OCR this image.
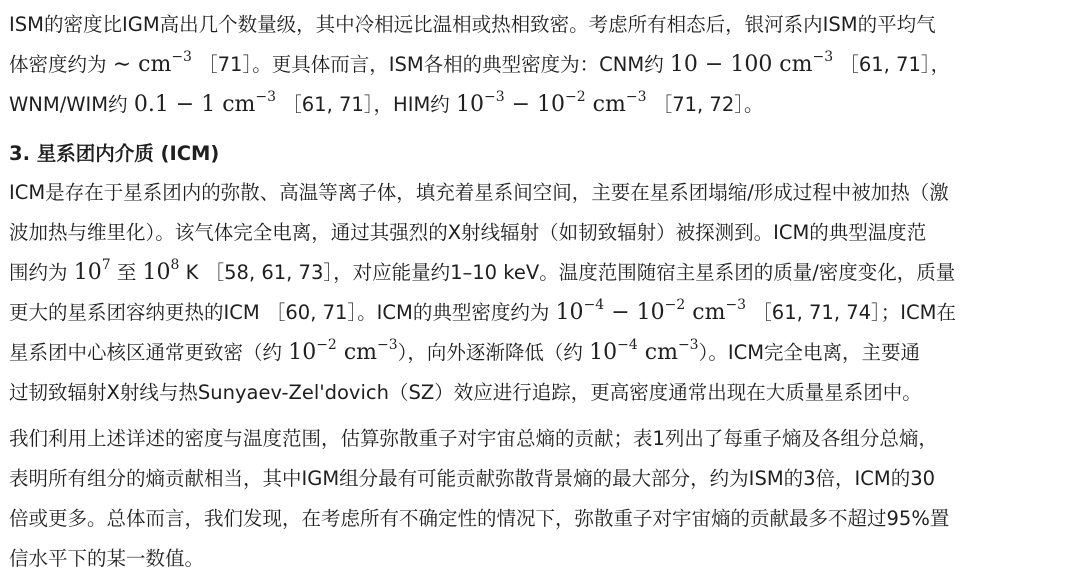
ISM的密度比IGM高出几个数量级，其中冷相远比温相或热相致密。考虑所有相态后，银河系内ISM的平均气
体密度约为 ∼ $cm^{-3}$ ［71］。更具体而言，ISM各相的典型密度为：CNM约 10 − 100 $cm^{-3}$ ［61, 71］，
WNM/WIM约 0.1 − 1 $cm^{-3}$ ［61, 71］，HIM约 $10^{-3} - 10^{-2}$ $cm^{-3}$ ［71, 72］。
3. 星系团内介质 (ICM)
ICM是存在于星系团内的弥散、高温等离子体，填充着星系间空间，主要在星系团塌缩/形成过程中被加热（激
波加热与维里化）。该气体完全电离，通过其强烈的X射线辐射（如韧致辐射）被探测到。ICM的典型温度范
围约为 $10^7$ 至 $10^8$ K ［58, 61, 73］，对应能量约1–10 keV。温度范围随宿主星系团的质量/密度变化，质量
更大的星系团容纳更热的ICM ［60, 71］。ICM的典型密度约为 $10^{-4} - 10^{-2}$ $cm^{-3}$ ［61, 71, 74］；ICM在
星系团中心核区通常更致密（约 $10^{-2}$ $cm^{-3}$），向外逐渐降低（约 $10^{-4}$ $cm^{-3}$）。ICM完全电离，主要通
过韧致辐射X射线与热Sunyaev-Zel'dovich（SZ）效应进行追踪，更高密度通常出现在大质量星系团中。
我们利用上述详述的密度与温度范围，估算弥散重子对宇宙总熵的贡献；表1列出了每重子熵及各组分总熵，
表明所有组分的熵贡献相当，其中IGM组分最有可能贡献弥散背景熵的最大部分，约为ISM的3倍，ICM的30
倍或更多。总体而言，我们发现，在考虑所有不确定性的情况下，弥散重子对宇宙熵的贡献最多不超过95%置
信水平下的某一数值。
